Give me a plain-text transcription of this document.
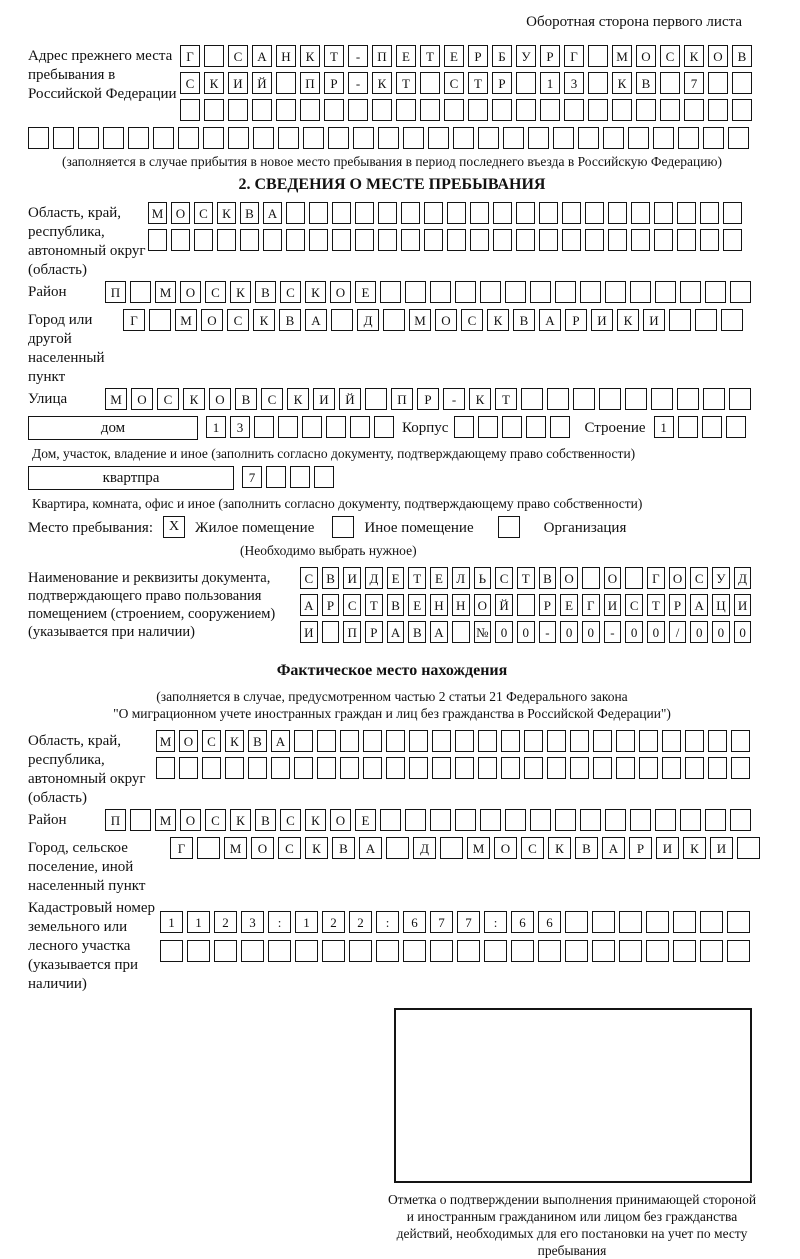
Оборотная сторона первого листа
Адрес прежнего места пребывания в Российской Федерации
Г	С	А	Н	К	Т	-	П	Е	Т	Е	Р	Б	У	Р	Г	М	О	С	К	О	В
С	К	И	Й	П	Р	-	К	Т	С	Т	Р	1	3	К	В	7
(заполняется в случае прибытия в новое место пребывания в период последнего въезда в Российскую Федерацию)
2. СВЕДЕНИЯ О МЕСТЕ ПРЕБЫВАНИЯ
Область, край, республика, автономный округ (область)
М О	С	К	В	А
Район	П	М	О	С	К	В	С	К	О	Е
Город или другой населенный пункт
Г	М	О	С	К	В	А	Д	М	О	С	К	В	А	Р	И	К	И
Улица	М	О	С	К	О	В	С	К	И	Й	П	Р	-	К	Т
дом	1	3	Корпус	Строение	1
Дом, участок, владение и иное (заполнить согласно документу, подтверждающему право собственности)
квартпра	7
Квартира, комната, офис и иное (заполнить согласно документу, подтверждающему право собственности)
Место пребывания:	X	Жилое помещение	Иное помещение	Организация
(Необходимо выбрать нужное)
Наименование и реквизиты документа, подтверждающего право пользования помещением (строением, сооружением) (указывается при наличии)
С	В И Д	Е	Т	Е	Л	Ь	С	Т	В О	О	Г	О С У Д
А	Р	С	Т	В	Е	Н Н О Й	Р	Е	Г	И С	Т	Р	А Ц И
И	П	Р	А В А	№ 0	0	-	0	0	-	0	0	/	0	0	0
Фактическое место нахождения
(заполняется в случае, предусмотренном частью 2 статьи 21 Федерального закона
"О миграционном учете иностранных граждан и лиц без гражданства в Российской Федерации")
Область, край, республика, автономный округ (область)
М О	С	К	В	А
Район	П	М	О	С	К	В	С	К	О	Е
Город, сельское поселение, иной населенный пункт
Г	М	О	С	К	В	А	Д	М	О	С	К	В	А	Р	И	К	И
Кадастровый номер земельного или лесного участка (указывается при наличии)
1	1	2	3	:	1	2	2	:	6	7	7	:	6	6
Отметка о подтверждении выполнения принимающей стороной и иностранным гражданином или лицом без гражданства действий, необходимых для его постановки на учет по месту пребывания
